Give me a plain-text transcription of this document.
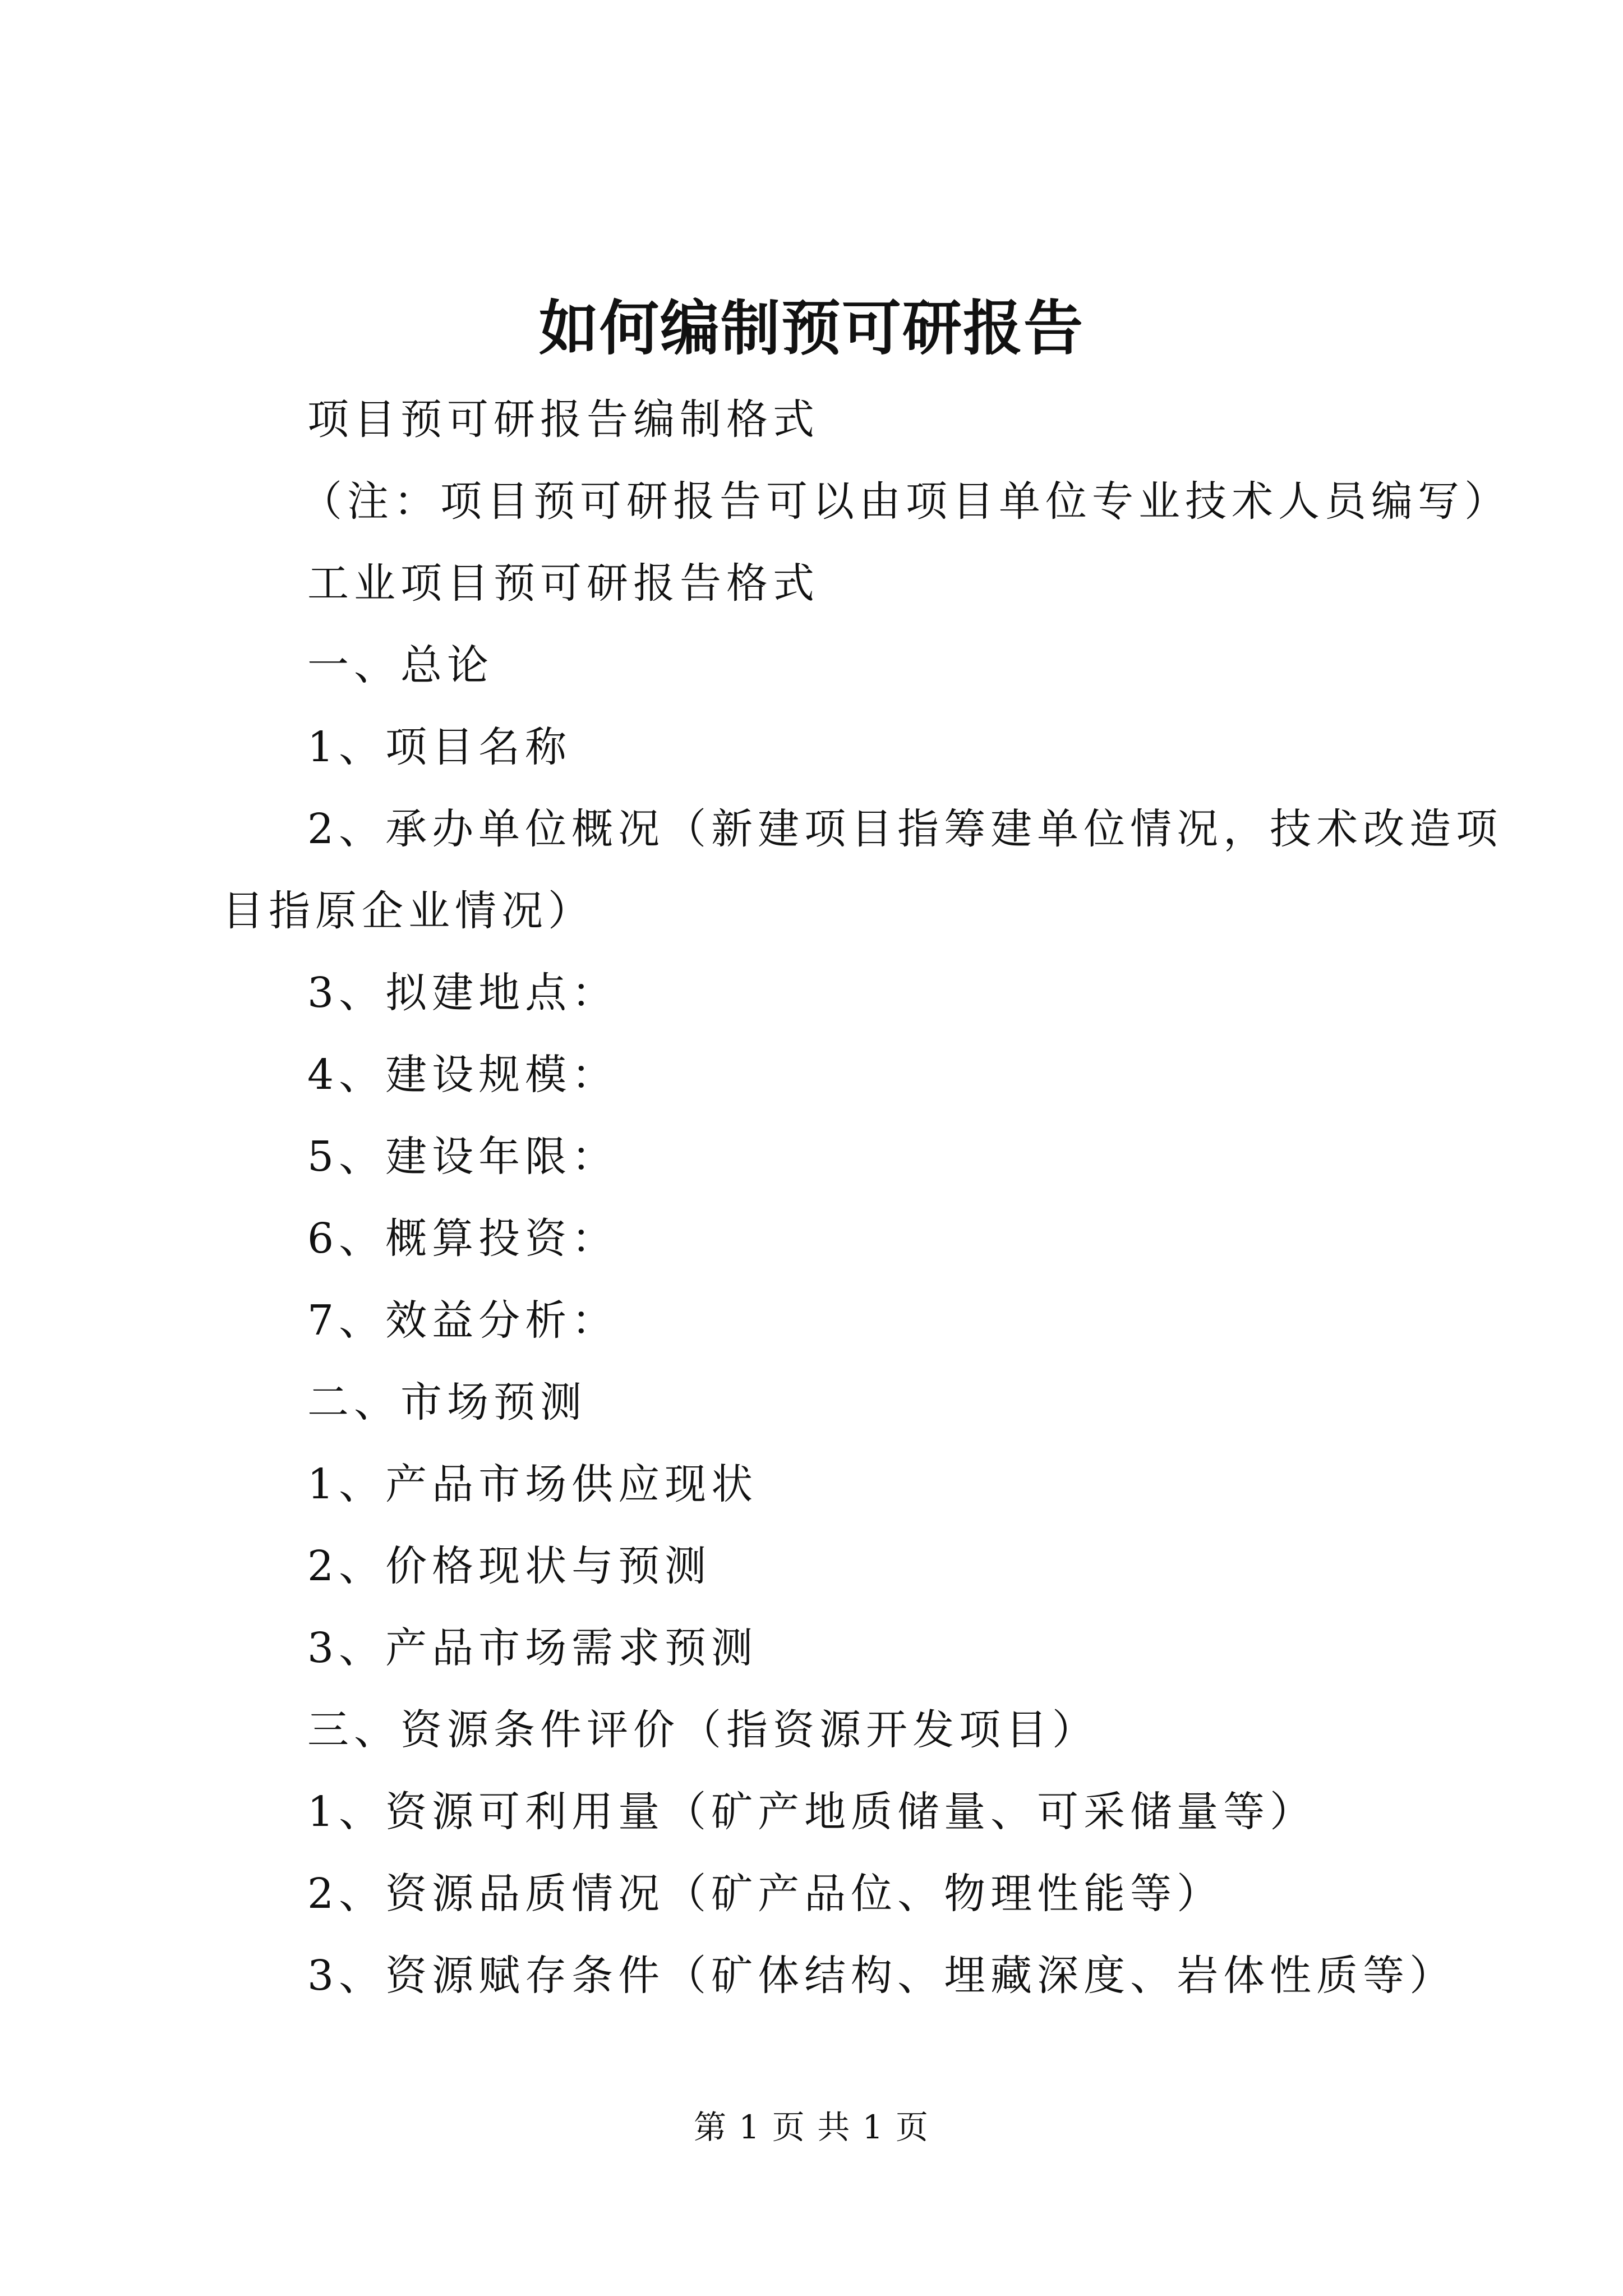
如何编制预可研报告

项目预可研报告编制格式

（注：项目预可研报告可以由项目单位专业技术人员编写）

工业项目预可研报告格式

一、总论

1、项目名称

2、承办单位概况（新建项目指筹建单位情况，技术改造项

目指原企业情况）

3、拟建地点：

4、建设规模：

5、建设年限：

6、概算投资：

7、效益分析：

二、市场预测

1、产品市场供应现状

2、价格现状与预测

3、产品市场需求预测

三、资源条件评价（指资源开发项目）

1、资源可利用量（矿产地质储量、可采储量等）

2、资源品质情况（矿产品位、物理性能等）

3、资源赋存条件（矿体结构、埋藏深度、岩体性质等）

第 1 页 共 1 页
